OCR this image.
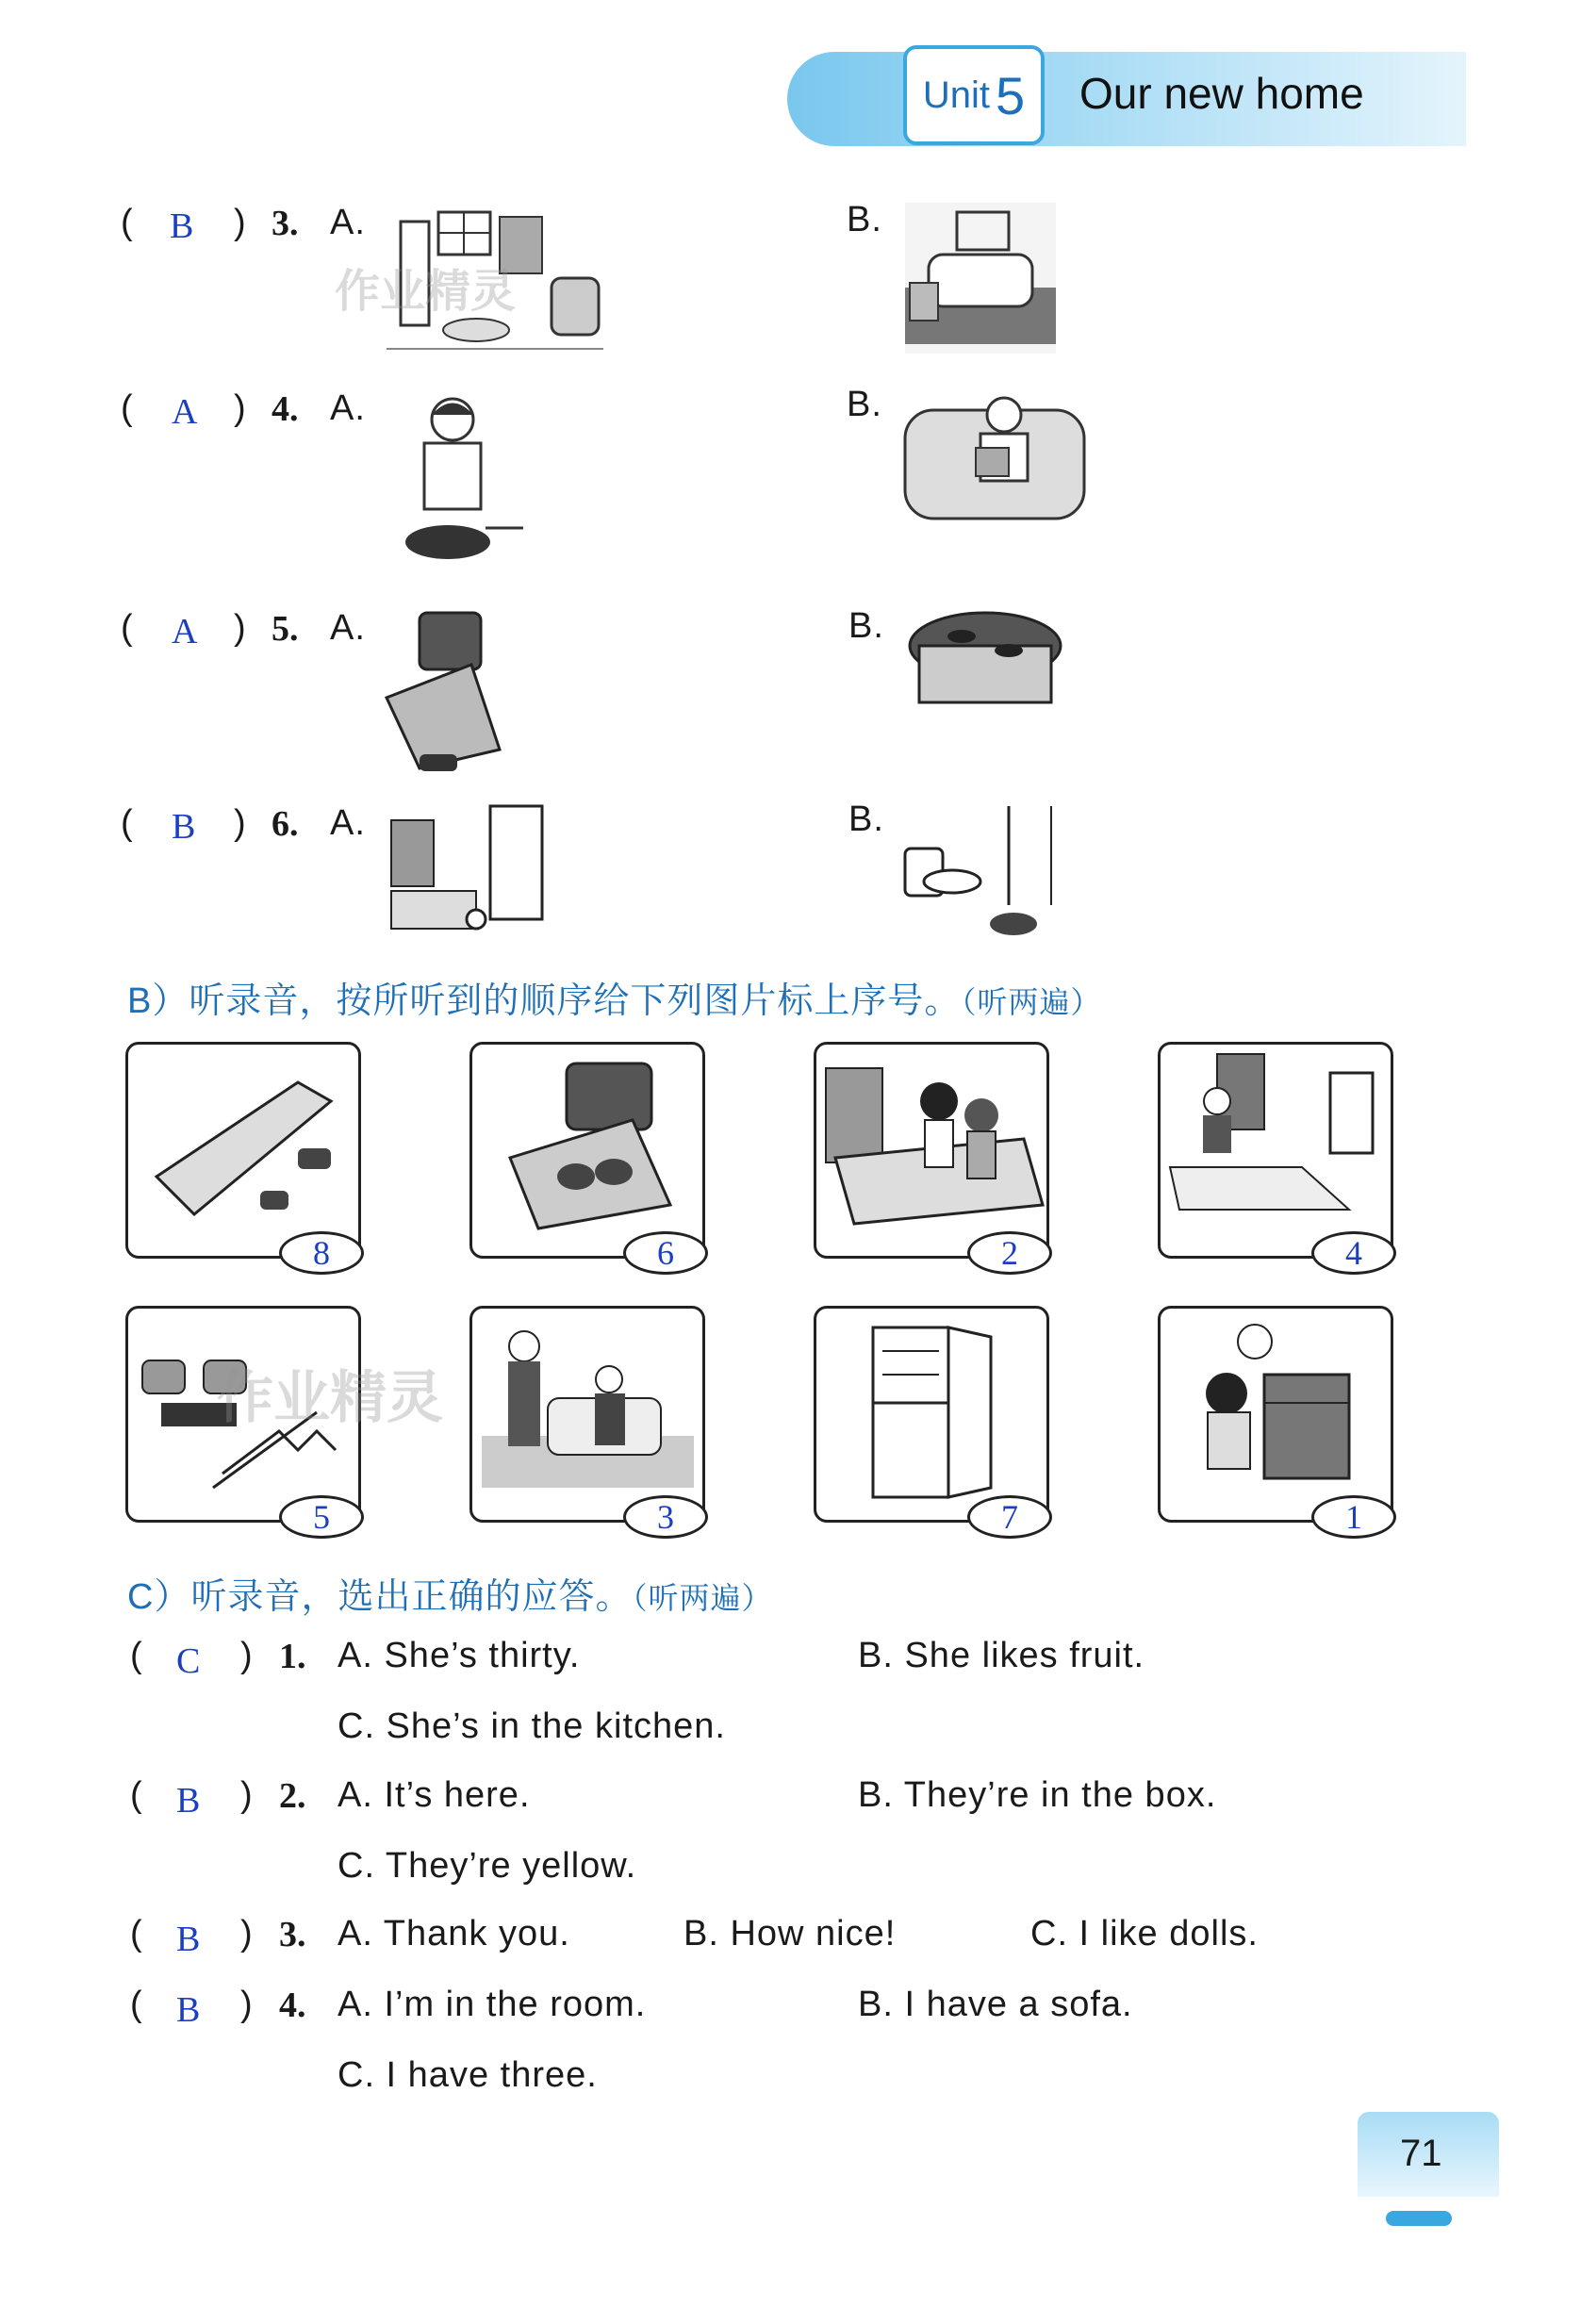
Unit 5 Our new home
( B ) 3. A.	B.
( A ) 4. A.	B.
( A ) 5. A.	B.
( B ) 6. A.	B.
B）听录音，按所听到的顺序给下列图片标上序号。（听两遍）
8	6	2	4
5	3	7	1
C）听录音，选出正确的应答。（听两遍）
( C ) 1. A. She’s thirty.	B. She likes fruit.
C. She’s in the kitchen.
( B ) 2. A. It’s here.	B. They’re in the box.
C. They’re yellow.
( B ) 3. A. Thank you.	B. How nice!	C. I like dolls.
( B ) 4. A. I’m in the room.	B. I have a sofa.
C. I have three.
作业精灵
作业精灵
71
